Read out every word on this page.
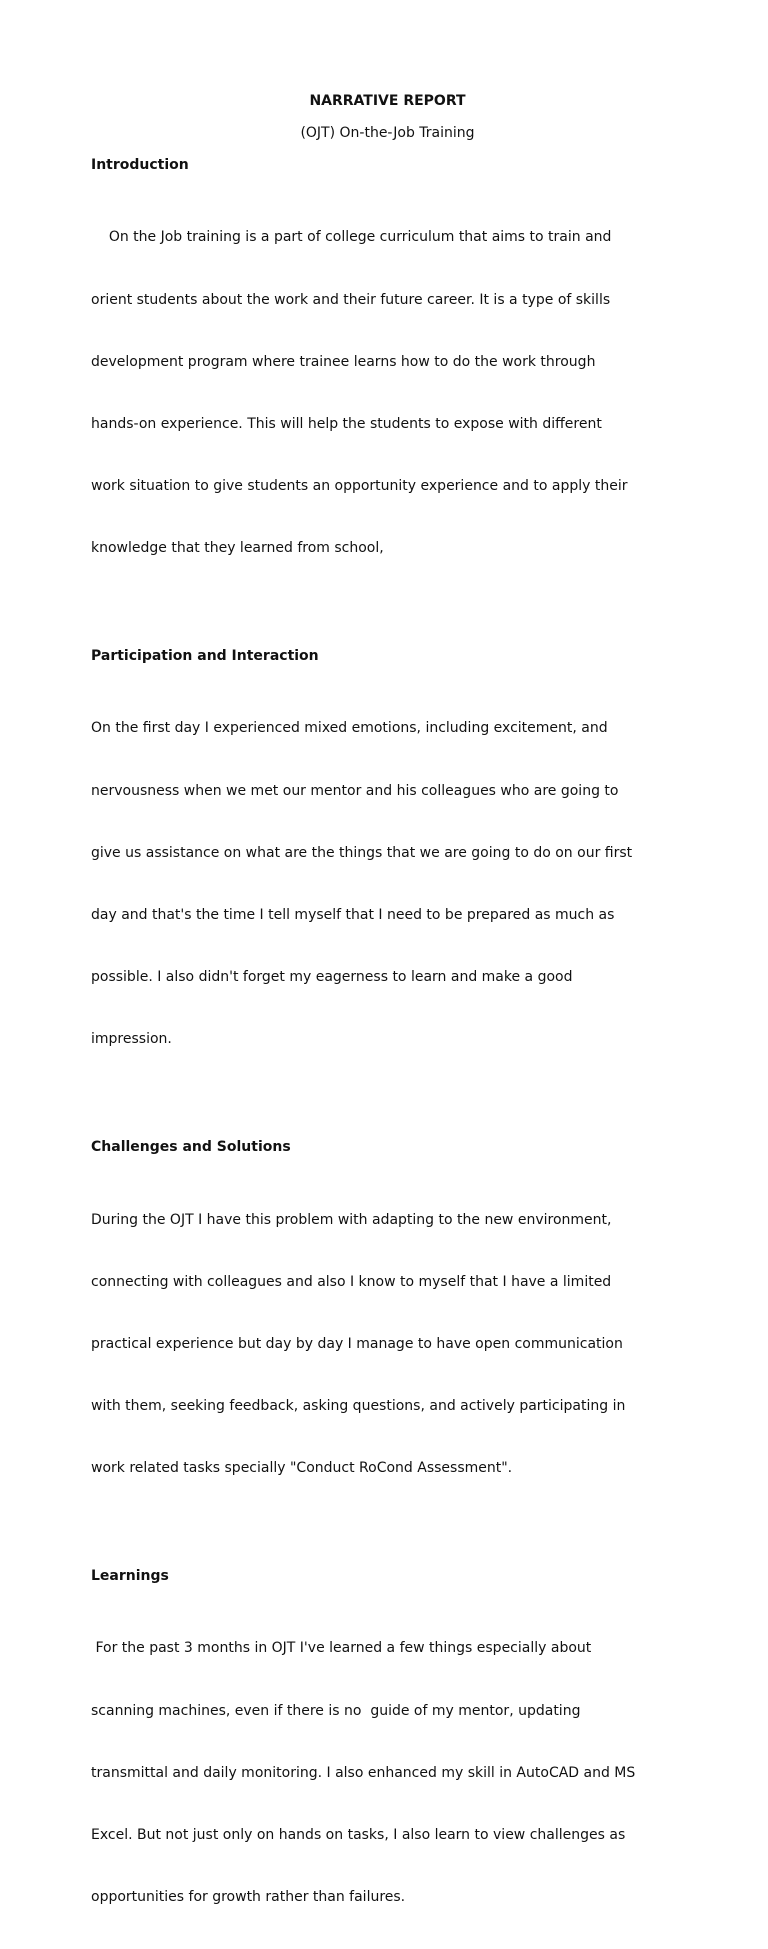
NARRATIVE REPORT

(OJT) On-the-Job Training

Introduction

On the Job training is a part of college curriculum that aims to train and

orient students about the work and their future career. It is a type of skills

development program where trainee learns how to do the work through

hands-on experience. This will help the students to expose with different

work situation to give students an opportunity experience and to apply their

knowledge that they learned from school,

Participation and Interaction

On the first day I experienced mixed emotions, including excitement, and

nervousness when we met our mentor and his colleagues who are going to

give us assistance on what are the things that we are going to do on our first

day and that's the time I tell myself that I need to be prepared as much as

possible. I also didn't forget my eagerness to learn and make a good

impression.

Challenges and Solutions

During the OJT I have this problem with adapting to the new environment,

connecting with colleagues and also I know to myself that I have a limited

practical experience but day by day I manage to have open communication

with them, seeking feedback, asking questions, and actively participating in

work related tasks specially "Conduct RoCond Assessment".

Learnings

For the past 3 months in OJT I've learned a few things especially about

scanning machines, even if there is no  guide of my mentor, updating

transmittal and daily monitoring. I also enhanced my skill in AutoCAD and MS

Excel. But not just only on hands on tasks, I also learn to view challenges as

opportunities for growth rather than failures.
